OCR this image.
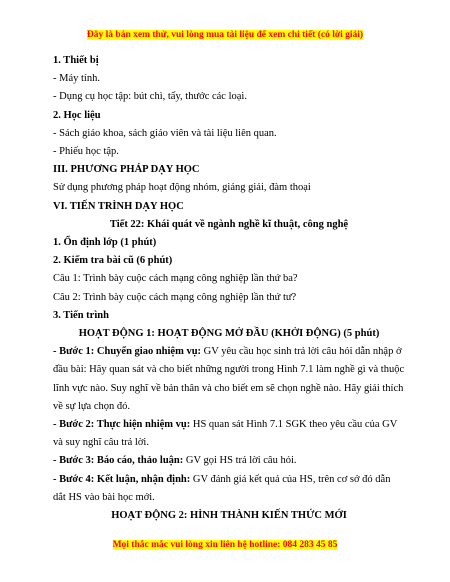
Đây là bản xem thử, vui lòng mua tài liệu để xem chi tiết (có lời giải)
1. Thiết bị
- Máy tính.
- Dụng cụ học tập: bút chì, tẩy, thước các loại.
2. Học liệu
- Sách giáo khoa, sách giáo viên và tài liệu liên quan.
- Phiếu học tập.
III. PHƯƠNG PHÁP DẠY HỌC
Sử dụng phương pháp hoạt động nhóm, giảng giải, đàm thoại
VI. TIẾN TRÌNH DẠY HỌC
Tiết 22: Khái quát về ngành nghề kĩ thuật, công nghệ
1. Ổn định lớp (1 phút)
2. Kiểm tra bài cũ (6 phút)
Câu 1: Trình bày cuộc cách mạng công nghiệp lần thứ ba?
Câu 2: Trình bày cuộc cách mạng công nghiệp lần thứ tư?
3. Tiến trình
HOẠT ĐỘNG 1: HOẠT ĐỘNG MỞ ĐẦU (KHỞI ĐỘNG) (5 phút)
- Bước 1: Chuyển giao nhiệm vụ: GV yêu cầu học sinh trả lời câu hỏi dẫn nhập ở đầu bài: Hãy quan sát và cho biết những người trong Hình 7.1 làm nghề gì và thuộc lĩnh vực nào. Suy nghĩ về bản thân và cho biết em sẽ chọn nghề nào. Hãy giải thích về sự lựa chọn đó.
- Bước 2: Thực hiện nhiệm vụ: HS quan sát Hình 7.1 SGK theo yêu cầu của GV và suy nghĩ câu trả lời.
- Bước 3: Báo cáo, thảo luận: GV gọi HS trả lời câu hỏi.
- Bước 4: Kết luận, nhận định: GV đánh giá kết quả của HS, trên cơ sở đó dẫn dắt HS vào bài học mới.
HOẠT ĐỘNG 2: HÌNH THÀNH KIẾN THỨC MỚI
Mọi thắc mắc vui lòng xin liên hệ hotline: 084 283 45 85
